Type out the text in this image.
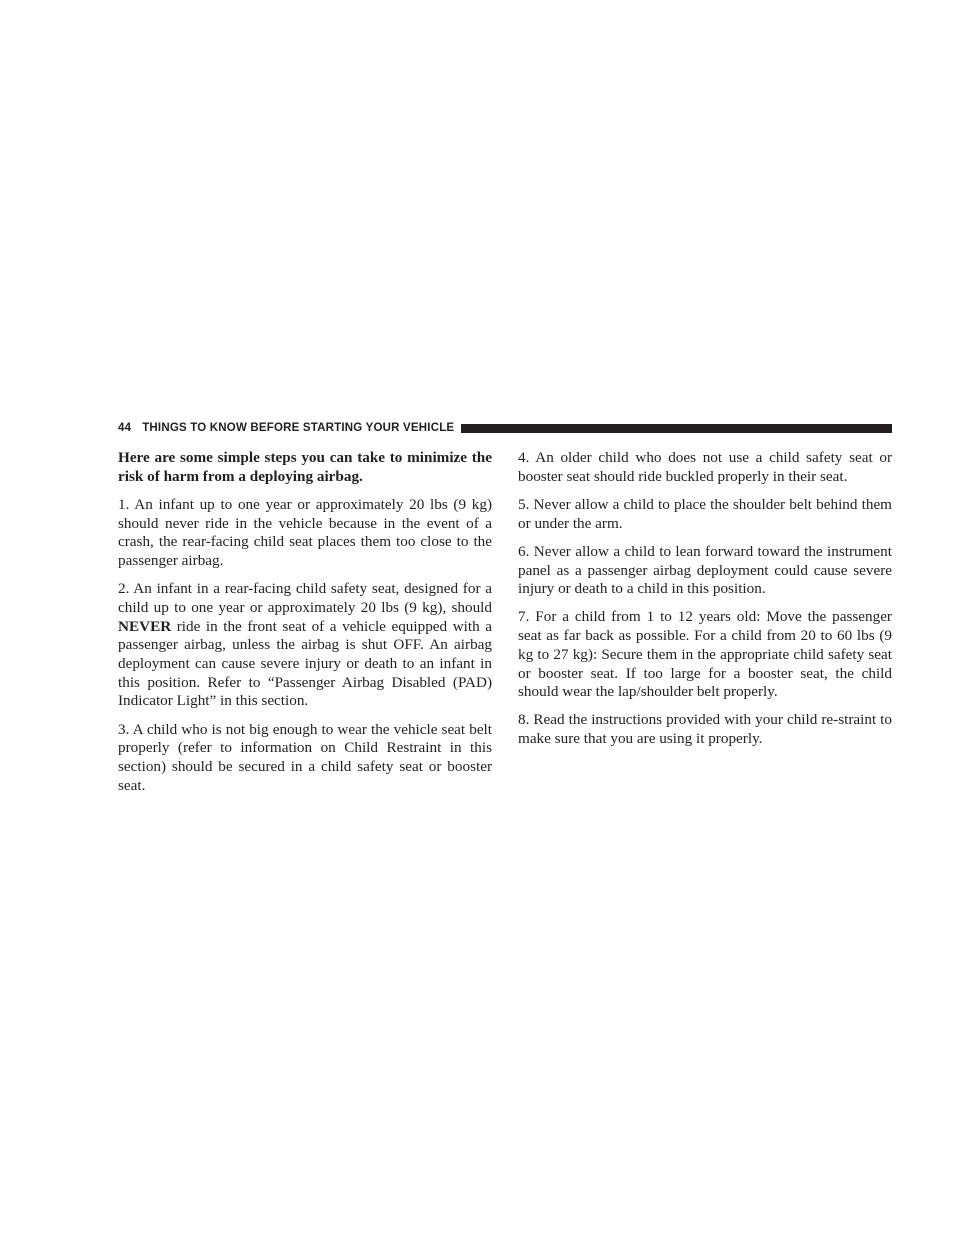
44 THINGS TO KNOW BEFORE STARTING YOUR VEHICLE

Here are some simple steps you can take to minimize the risk of harm from a deploying airbag.

1. An infant up to one year or approximately 20 lbs (9 kg) should never ride in the vehicle because in the event of a crash, the rear-facing child seat places them too close to the passenger airbag.

2. An infant in a rear-facing child safety seat, designed for a child up to one year or approximately 20 lbs (9 kg), should NEVER ride in the front seat of a vehicle equipped with a passenger airbag, unless the airbag is shut OFF. An airbag deployment can cause severe injury or death to an infant in this position. Refer to “Passenger Airbag Disabled (PAD) Indicator Light” in this section.

3. A child who is not big enough to wear the vehicle seat belt properly (refer to information on Child Restraint in this section) should be secured in a child safety seat or booster seat.

4. An older child who does not use a child safety seat or booster seat should ride buckled properly in their seat.

5. Never allow a child to place the shoulder belt behind them or under the arm.

6. Never allow a child to lean forward toward the instrument panel as a passenger airbag deployment could cause severe injury or death to a child in this position.

7. For a child from 1 to 12 years old: Move the passenger seat as far back as possible. For a child from 20 to 60 lbs (9 kg to 27 kg): Secure them in the appropriate child safety seat or booster seat. If too large for a booster seat, the child should wear the lap/shoulder belt properly.

8. Read the instructions provided with your child re-straint to make sure that you are using it properly.
